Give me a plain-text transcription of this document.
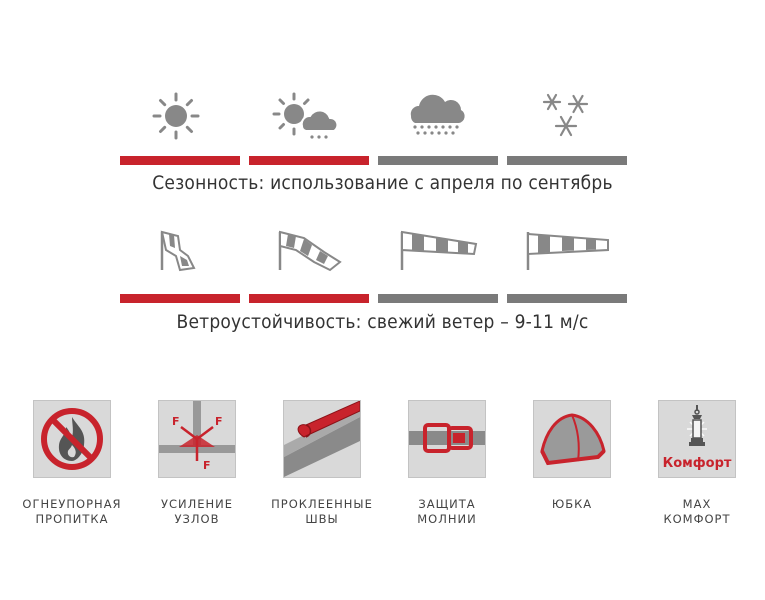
Сезонность: использование с апреля по сентябрь
Ветроустойчивость: свежий ветер – 9-11 м/с
ОГНЕУПОРНАЯ
ПРОПИТКА
F	F
F
УСИЛЕНИЕ
УЗЛОВ
ПРОКЛЕЕННЫЕ
ШВЫ
ЗАЩИТА
МОЛНИИ
ЮБКА
Комфорт
MAX
КОМФОРТ
